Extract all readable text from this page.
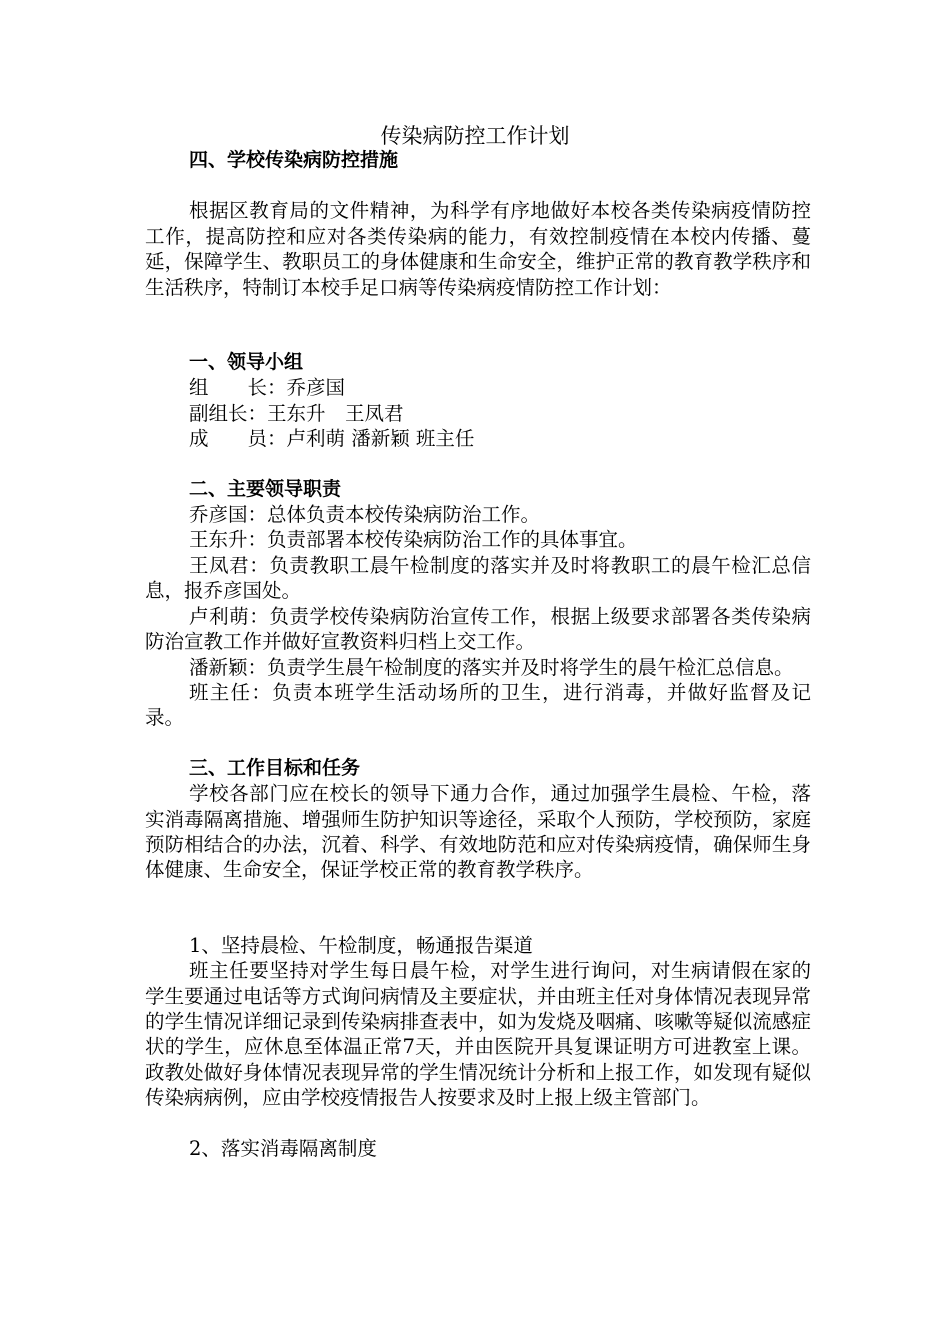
传染病防控工作计划

四、学校传染病防控措施

根据区教育局的文件精神，为科学有序地做好本校各类传染病疫情防控工作，提高防控和应对各类传染病的能力，有效控制疫情在本校内传播、蔓延，保障学生、教职员工的身体健康和生命安全，维护正常的教育教学秩序和生活秩序，特制订本校手足口病等传染病疫情防控工作计划：

一、领导小组

组　　长：乔彦国

副组长：王东升　王凤君

成　　员：卢利萌 潘新颖 班主任

二、主要领导职责

乔彦国：总体负责本校传染病防治工作。

王东升：负责部署本校传染病防治工作的具体事宜。

王凤君：负责教职工晨午检制度的落实并及时将教职工的晨午检汇总信息，报乔彦国处。

卢利萌：负责学校传染病防治宣传工作，根据上级要求部署各类传染病防治宣教工作并做好宣教资料归档上交工作。

潘新颖：负责学生晨午检制度的落实并及时将学生的晨午检汇总信息。

班主任：负责本班学生活动场所的卫生，进行消毒，并做好监督及记录。

三、工作目标和任务

学校各部门应在校长的领导下通力合作，通过加强学生晨检、午检，落实消毒隔离措施、增强师生防护知识等途径，采取个人预防，学校预防，家庭预防相结合的办法，沉着、科学、有效地防范和应对传染病疫情，确保师生身体健康、生命安全，保证学校正常的教育教学秩序。

1、坚持晨检、午检制度，畅通报告渠道

班主任要坚持对学生每日晨午检，对学生进行询问，对生病请假在家的学生要通过电话等方式询问病情及主要症状，并由班主任对身体情况表现异常的学生情况详细记录到传染病排查表中，如为发烧及咽痛、咳嗽等疑似流感症状的学生，应休息至体温正常7天，并由医院开具复课证明方可进教室上课。政教处做好身体情况表现异常的学生情况统计分析和上报工作，如发现有疑似传染病病例，应由学校疫情报告人按要求及时上报上级主管部门。

2、落实消毒隔离制度
